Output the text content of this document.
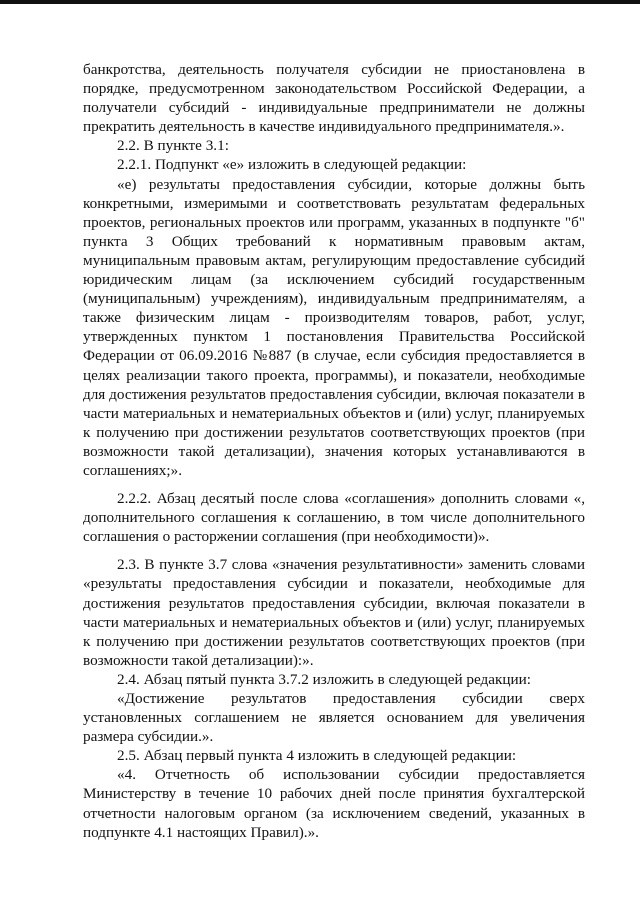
банкротства, деятельность получателя субсидии не приостановлена в порядке, предусмотренном законодательством Российской Федерации, а получатели субсидий - индивидуальные предприниматели не должны прекратить деятельность в качестве индивидуального предпринимателя.».

2.2. В пункте 3.1:

2.2.1. Подпункт «е» изложить в следующей редакции:

«е) результаты предоставления субсидии, которые должны быть конкретными, измеримыми и соответствовать результатам федеральных проектов, региональных проектов или программ, указанных в подпункте "б" пункта 3 Общих требований к нормативным правовым актам, муниципальным правовым актам, регулирующим предоставление субсидий юридическим лицам (за исключением субсидий государственным (муниципальным) учреждениям), индивидуальным предпринимателям, а также физическим лицам - производителям товаров, работ, услуг, утвержденных пунктом 1 постановления Правительства Российской Федерации от 06.09.2016 №887 (в случае, если субсидия предоставляется в целях реализации такого проекта, программы), и показатели, необходимые для достижения результатов предоставления субсидии, включая показатели в части материальных и нематериальных объектов и (или) услуг, планируемых к получению при достижении результатов соответствующих проектов (при возможности такой детализации), значения которых устанавливаются в соглашениях;».

2.2.2. Абзац десятый после слова «соглашения» дополнить словами «, дополнительного соглашения к соглашению, в том числе дополнительного соглашения о расторжении соглашения (при необходимости)».

2.3. В пункте 3.7 слова «значения результативности» заменить словами «результаты предоставления субсидии и показатели, необходимые для достижения результатов предоставления субсидии, включая показатели в части материальных и нематериальных объектов и (или) услуг, планируемых к получению при достижении результатов соответствующих проектов (при возможности такой детализации):».

2.4. Абзац пятый пункта 3.7.2 изложить в следующей редакции:

«Достижение результатов предоставления субсидии сверх установленных соглашением не является основанием для увеличения размера субсидии.».

2.5. Абзац первый пункта 4 изложить в следующей редакции:

«4. Отчетность об использовании субсидии предоставляется Министерству в течение 10 рабочих дней после принятия бухгалтерской отчетности налоговым органом (за исключением сведений, указанных в подпункте 4.1 настоящих Правил).».
